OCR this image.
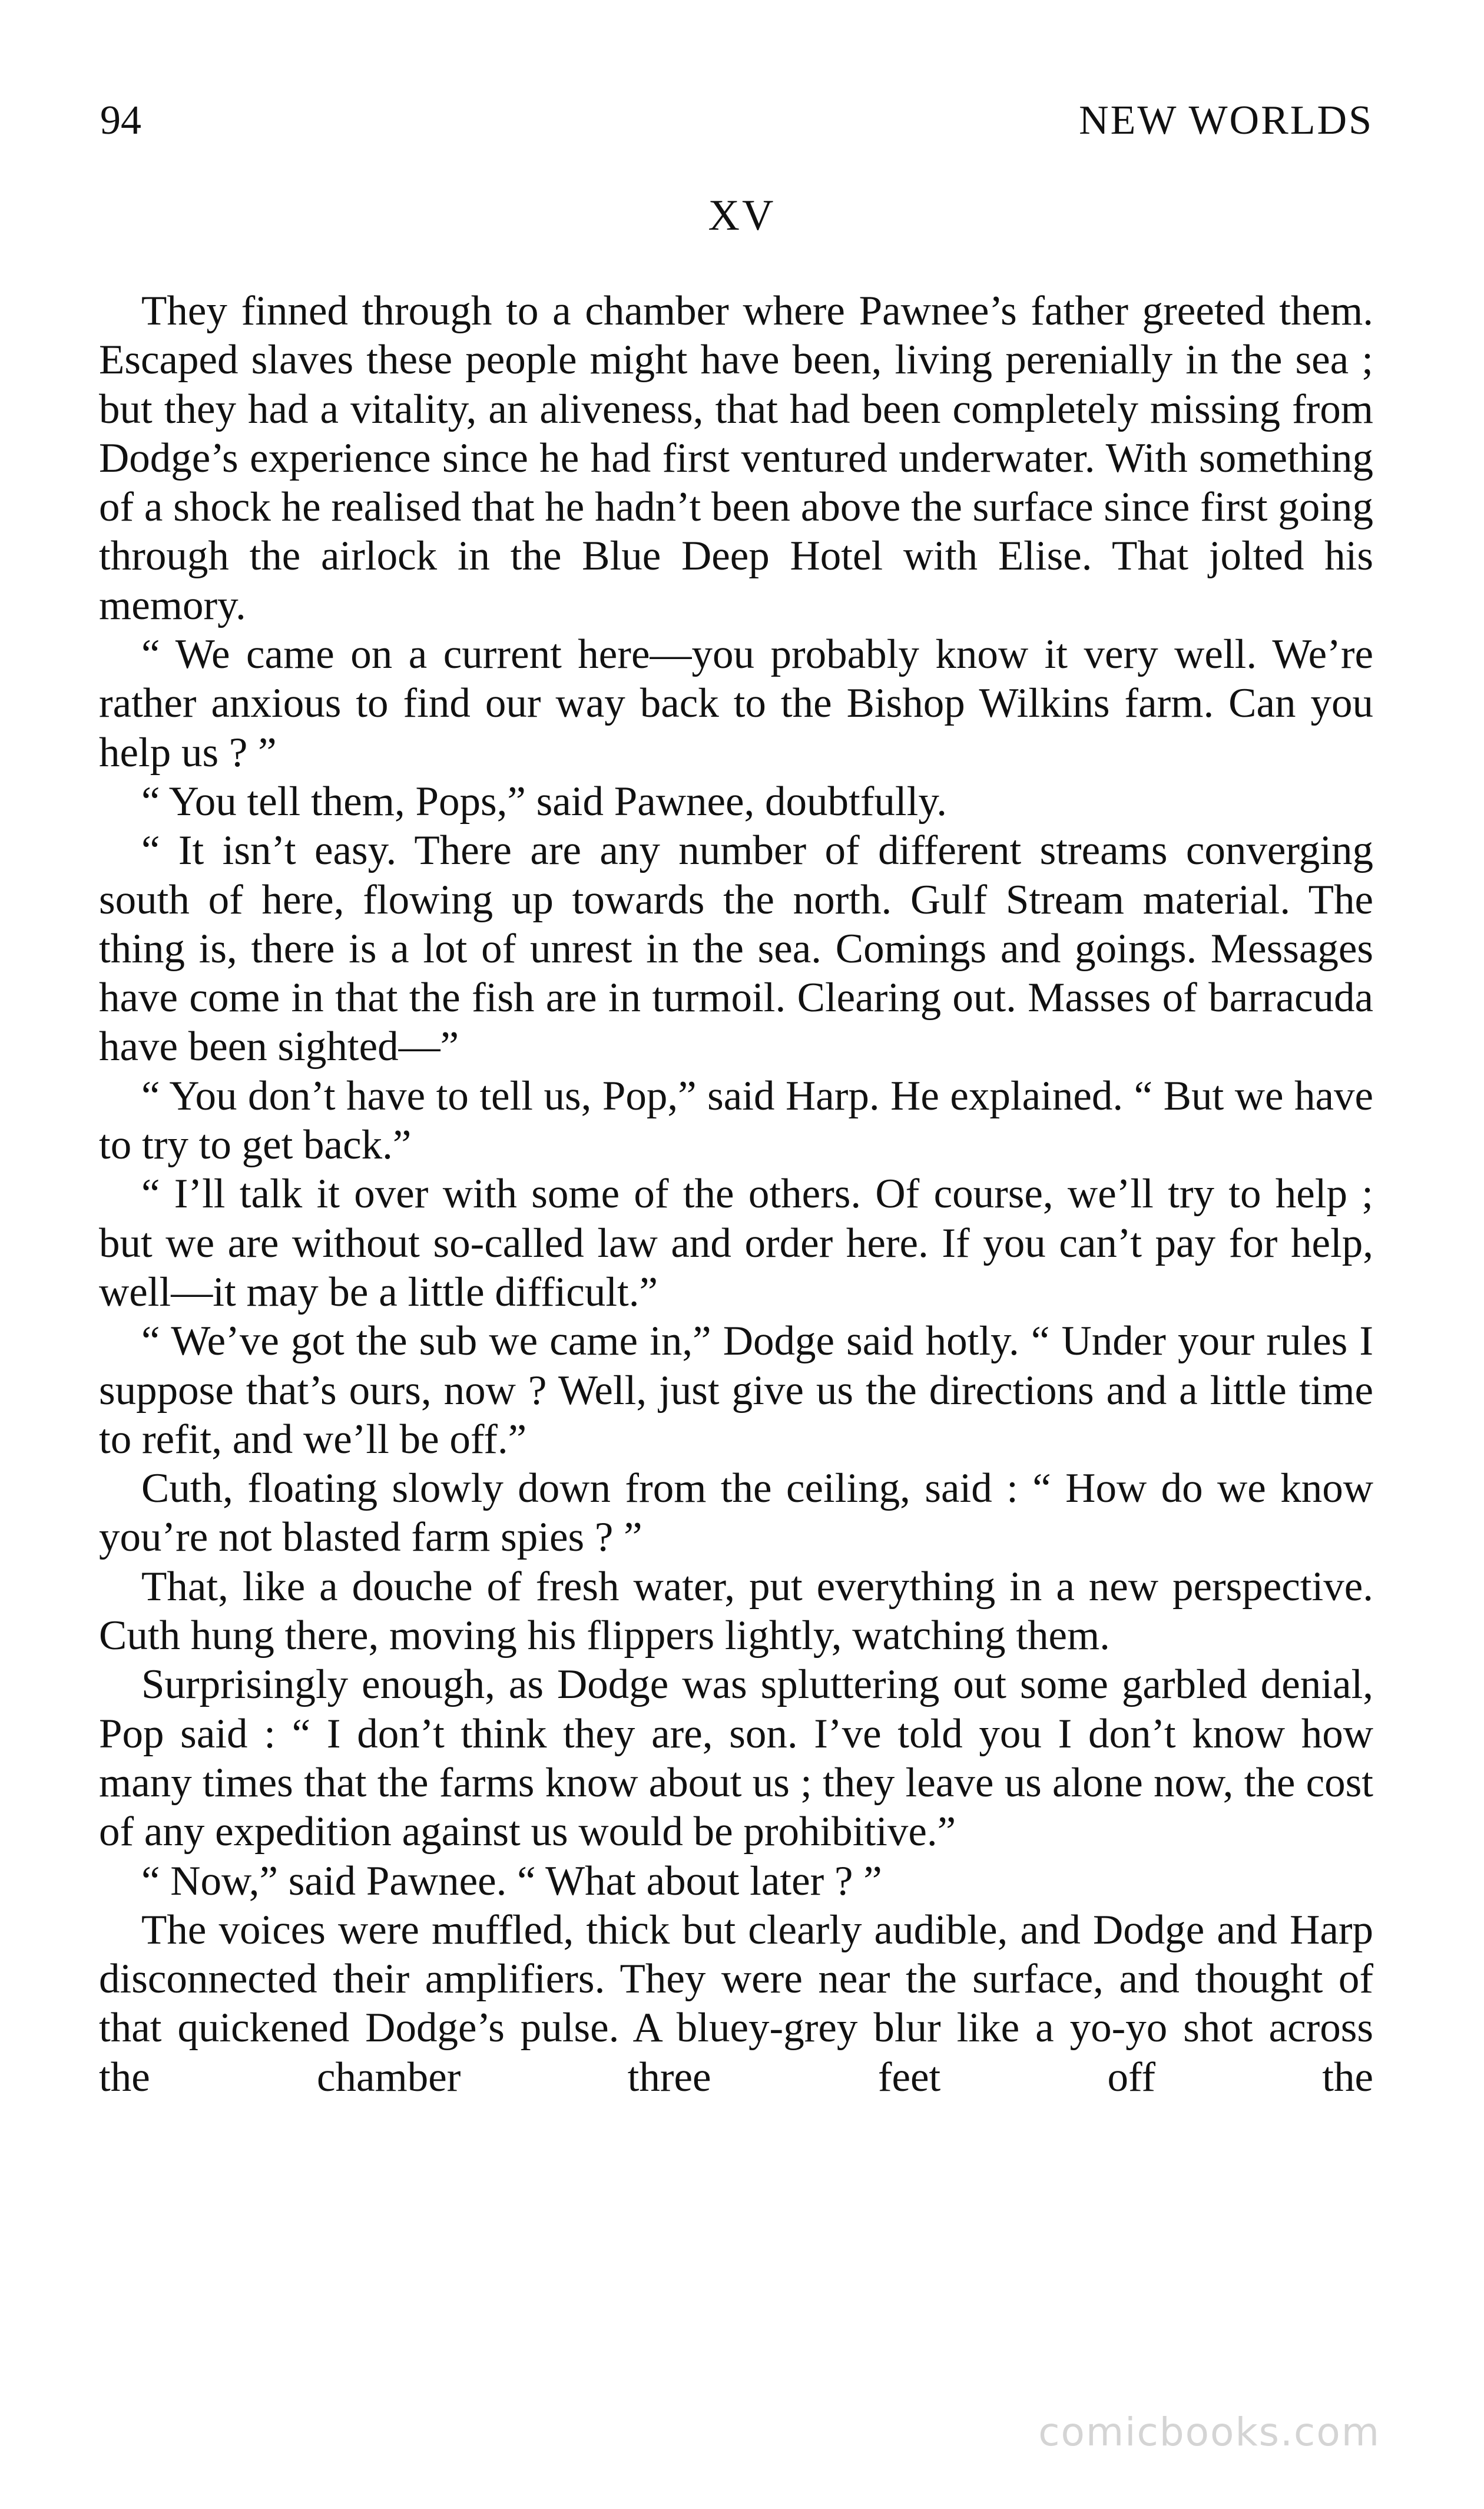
94	NEW WORLDS
XV

They finned through to a chamber where Pawnee’s father greeted them. Escaped slaves these people might have been, living perenially in the sea ; but they had a vitality, an aliveness, that had been completely missing from Dodge’s experience since he had first ventured underwater. With something of a shock he realised that he hadn’t been above the surface since first going through the airlock in the Blue Deep Hotel with Elise. That jolted his memory.

“ We came on a current here—you probably know it very well. We’re rather anxious to find our way back to the Bishop Wilkins farm. Can you help us ? ”

“ You tell them, Pops,” said Pawnee, doubtfully.

“ It isn’t easy. There are any number of different streams converging south of here, flowing up towards the north. Gulf Stream material. The thing is, there is a lot of unrest in the sea. Comings and goings. Messages have come in that the fish are in turmoil. Clearing out. Masses of barracuda have been sighted—”

“ You don’t have to tell us, Pop,” said Harp. He explained. “ But we have to try to get back.”

“ I’ll talk it over with some of the others. Of course, we’ll try to help ; but we are without so-called law and order here. If you can’t pay for help, well—it may be a little difficult.”

“ We’ve got the sub we came in,” Dodge said hotly. “ Under your rules I suppose that’s ours, now ? Well, just give us the directions and a little time to refit, and we’ll be off.”

Cuth, floating slowly down from the ceiling, said : “ How do we know you’re not blasted farm spies ? ”

That, like a douche of fresh water, put everything in a new perspective. Cuth hung there, moving his flippers lightly, watching them.

Surprisingly enough, as Dodge was spluttering out some garbled denial, Pop said : “ I don’t think they are, son. I’ve told you I don’t know how many times that the farms know about us ; they leave us alone now, the cost of any expedition against us would be prohibitive.”

“ Now,” said Pawnee. “ What about later ? ”

The voices were muffled, thick but clearly audible, and Dodge and Harp disconnected their amplifiers. They were near the surface, and thought of that quickened Dodge’s pulse. A bluey-grey blur like a yo-yo shot across the chamber three feet off the

comicbooks.com
